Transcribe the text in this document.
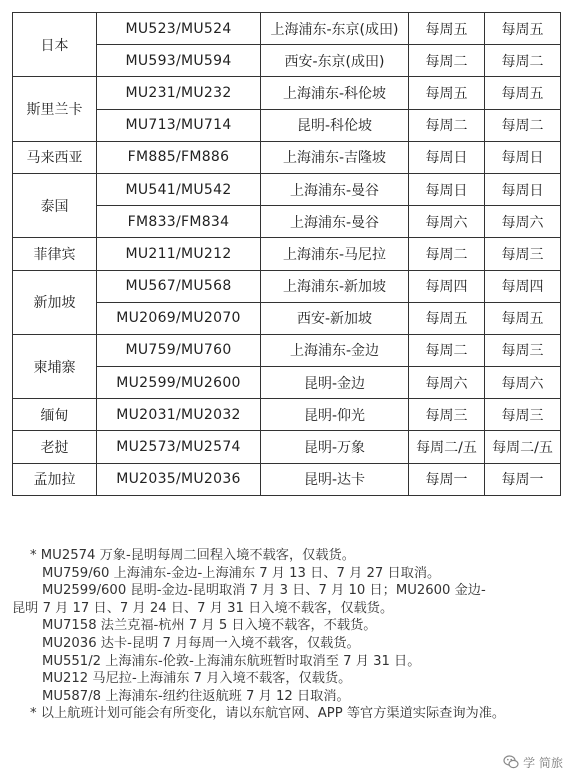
日本	MU523/MU524	上海浦东-东京(成田)	每周五	每周五
	MU593/MU594	西安-东京(成田)	每周二	每周二
斯里兰卡	MU231/MU232	上海浦东-科伦坡	每周五	每周五
	MU713/MU714	昆明-科伦坡	每周二	每周二
马来西亚	FM885/FM886	上海浦东-吉隆坡	每周日	每周日
泰国	MU541/MU542	上海浦东-曼谷	每周日	每周日
	FM833/FM834	上海浦东-曼谷	每周六	每周六
菲律宾	MU211/MU212	上海浦东-马尼拉	每周二	每周三
新加坡	MU567/MU568	上海浦东-新加坡	每周四	每周四
	MU2069/MU2070	西安-新加坡	每周五	每周五
柬埔寨	MU759/MU760	上海浦东-金边	每周二	每周三
	MU2599/MU2600	昆明-金边	每周六	每周六
缅甸	MU2031/MU2032	昆明-仰光	每周三	每周三
老挝	MU2573/MU2574	昆明-万象	每周二/五	每周二/五
孟加拉	MU2035/MU2036	昆明-达卡	每周一	每周一
* MU2574 万象-昆明每周二回程入境不载客，仅载货。
MU759/60 上海浦东-金边-上海浦东 7 月 13 日、7 月 27 日取消。
MU2599/600 昆明-金边-昆明取消 7 月 3 日、7 月 10 日；MU2600 金边-
昆明 7 月 17 日、7 月 24 日、7 月 31 日入境不载客，仅载货。
MU7158 法兰克福-杭州 7 月 5 日入境不载客，不载货。
MU2036 达卡-昆明 7 月每周一入境不载客，仅载货。
MU551/2 上海浦东-伦敦-上海浦东航班暂时取消至 7 月 31 日。
MU212 马尼拉-上海浦东 7 月入境不载客，仅载货。
MU587/8 上海浦东-纽约往返航班 7 月 12 日取消。
* 以上航班计划可能会有所变化，请以东航官网、APP 等官方渠道实际查询为准。
学 简旅
